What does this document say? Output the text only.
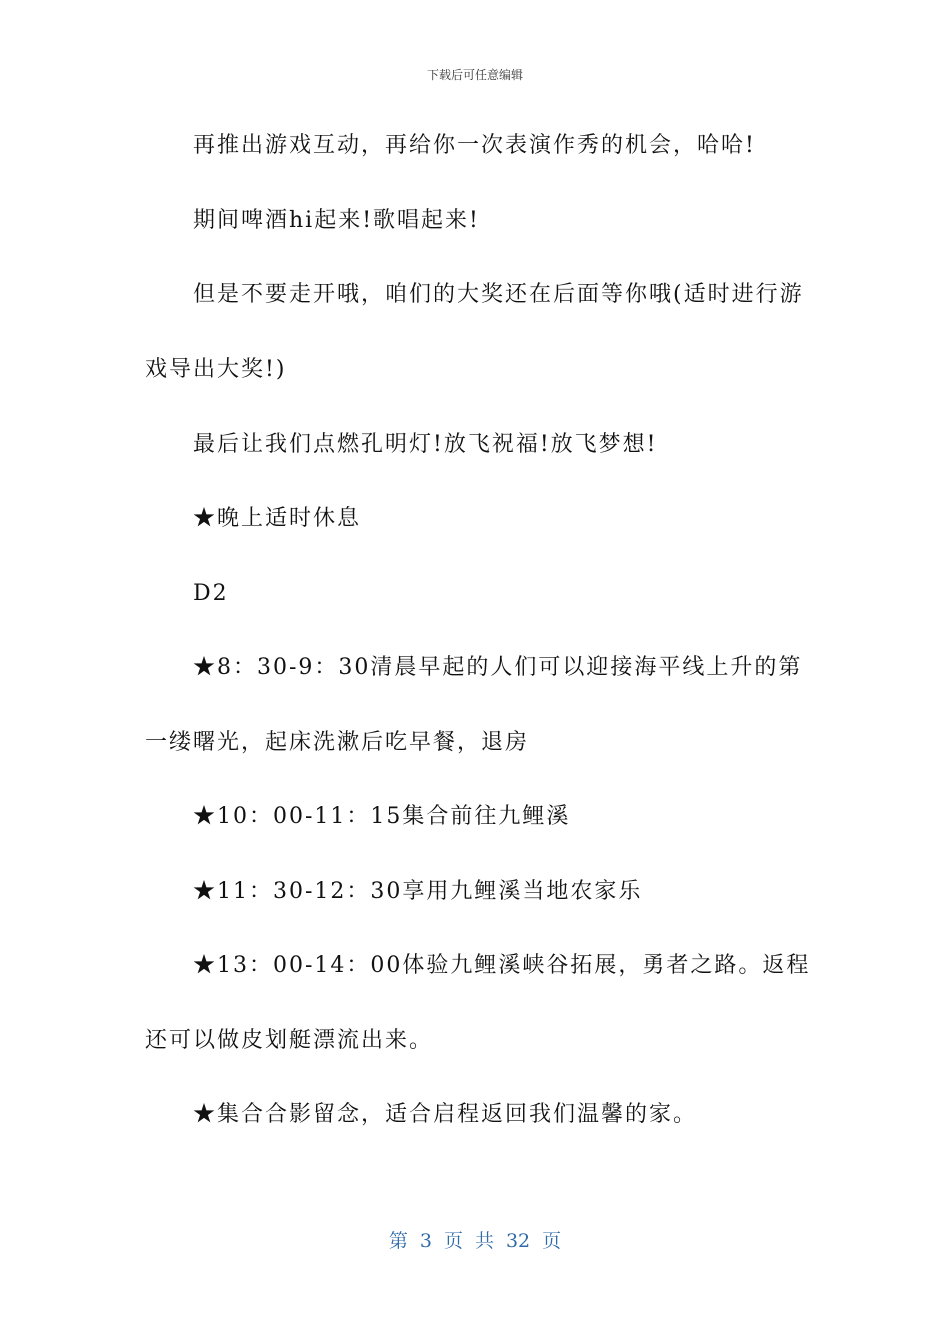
下载后可任意编辑
再推出游戏互动，再给你一次表演作秀的机会，哈哈!
期间啤酒hi起来!歌唱起来!
但是不要走开哦，咱们的大奖还在后面等你哦(适时进行游
戏导出大奖!)
最后让我们点燃孔明灯!放飞祝福!放飞梦想!
★晚上适时休息
D2
★8：30-9：30清晨早起的人们可以迎接海平线上升的第
一缕曙光，起床洗漱后吃早餐，退房
★10：00-11：15集合前往九鲤溪
★11：30-12：30享用九鲤溪当地农家乐
★13：00-14：00体验九鲤溪峡谷拓展，勇者之路。返程
还可以做皮划艇漂流出来。
★集合合影留念，适合启程返回我们温馨的家。
第 3 页 共 32 页
